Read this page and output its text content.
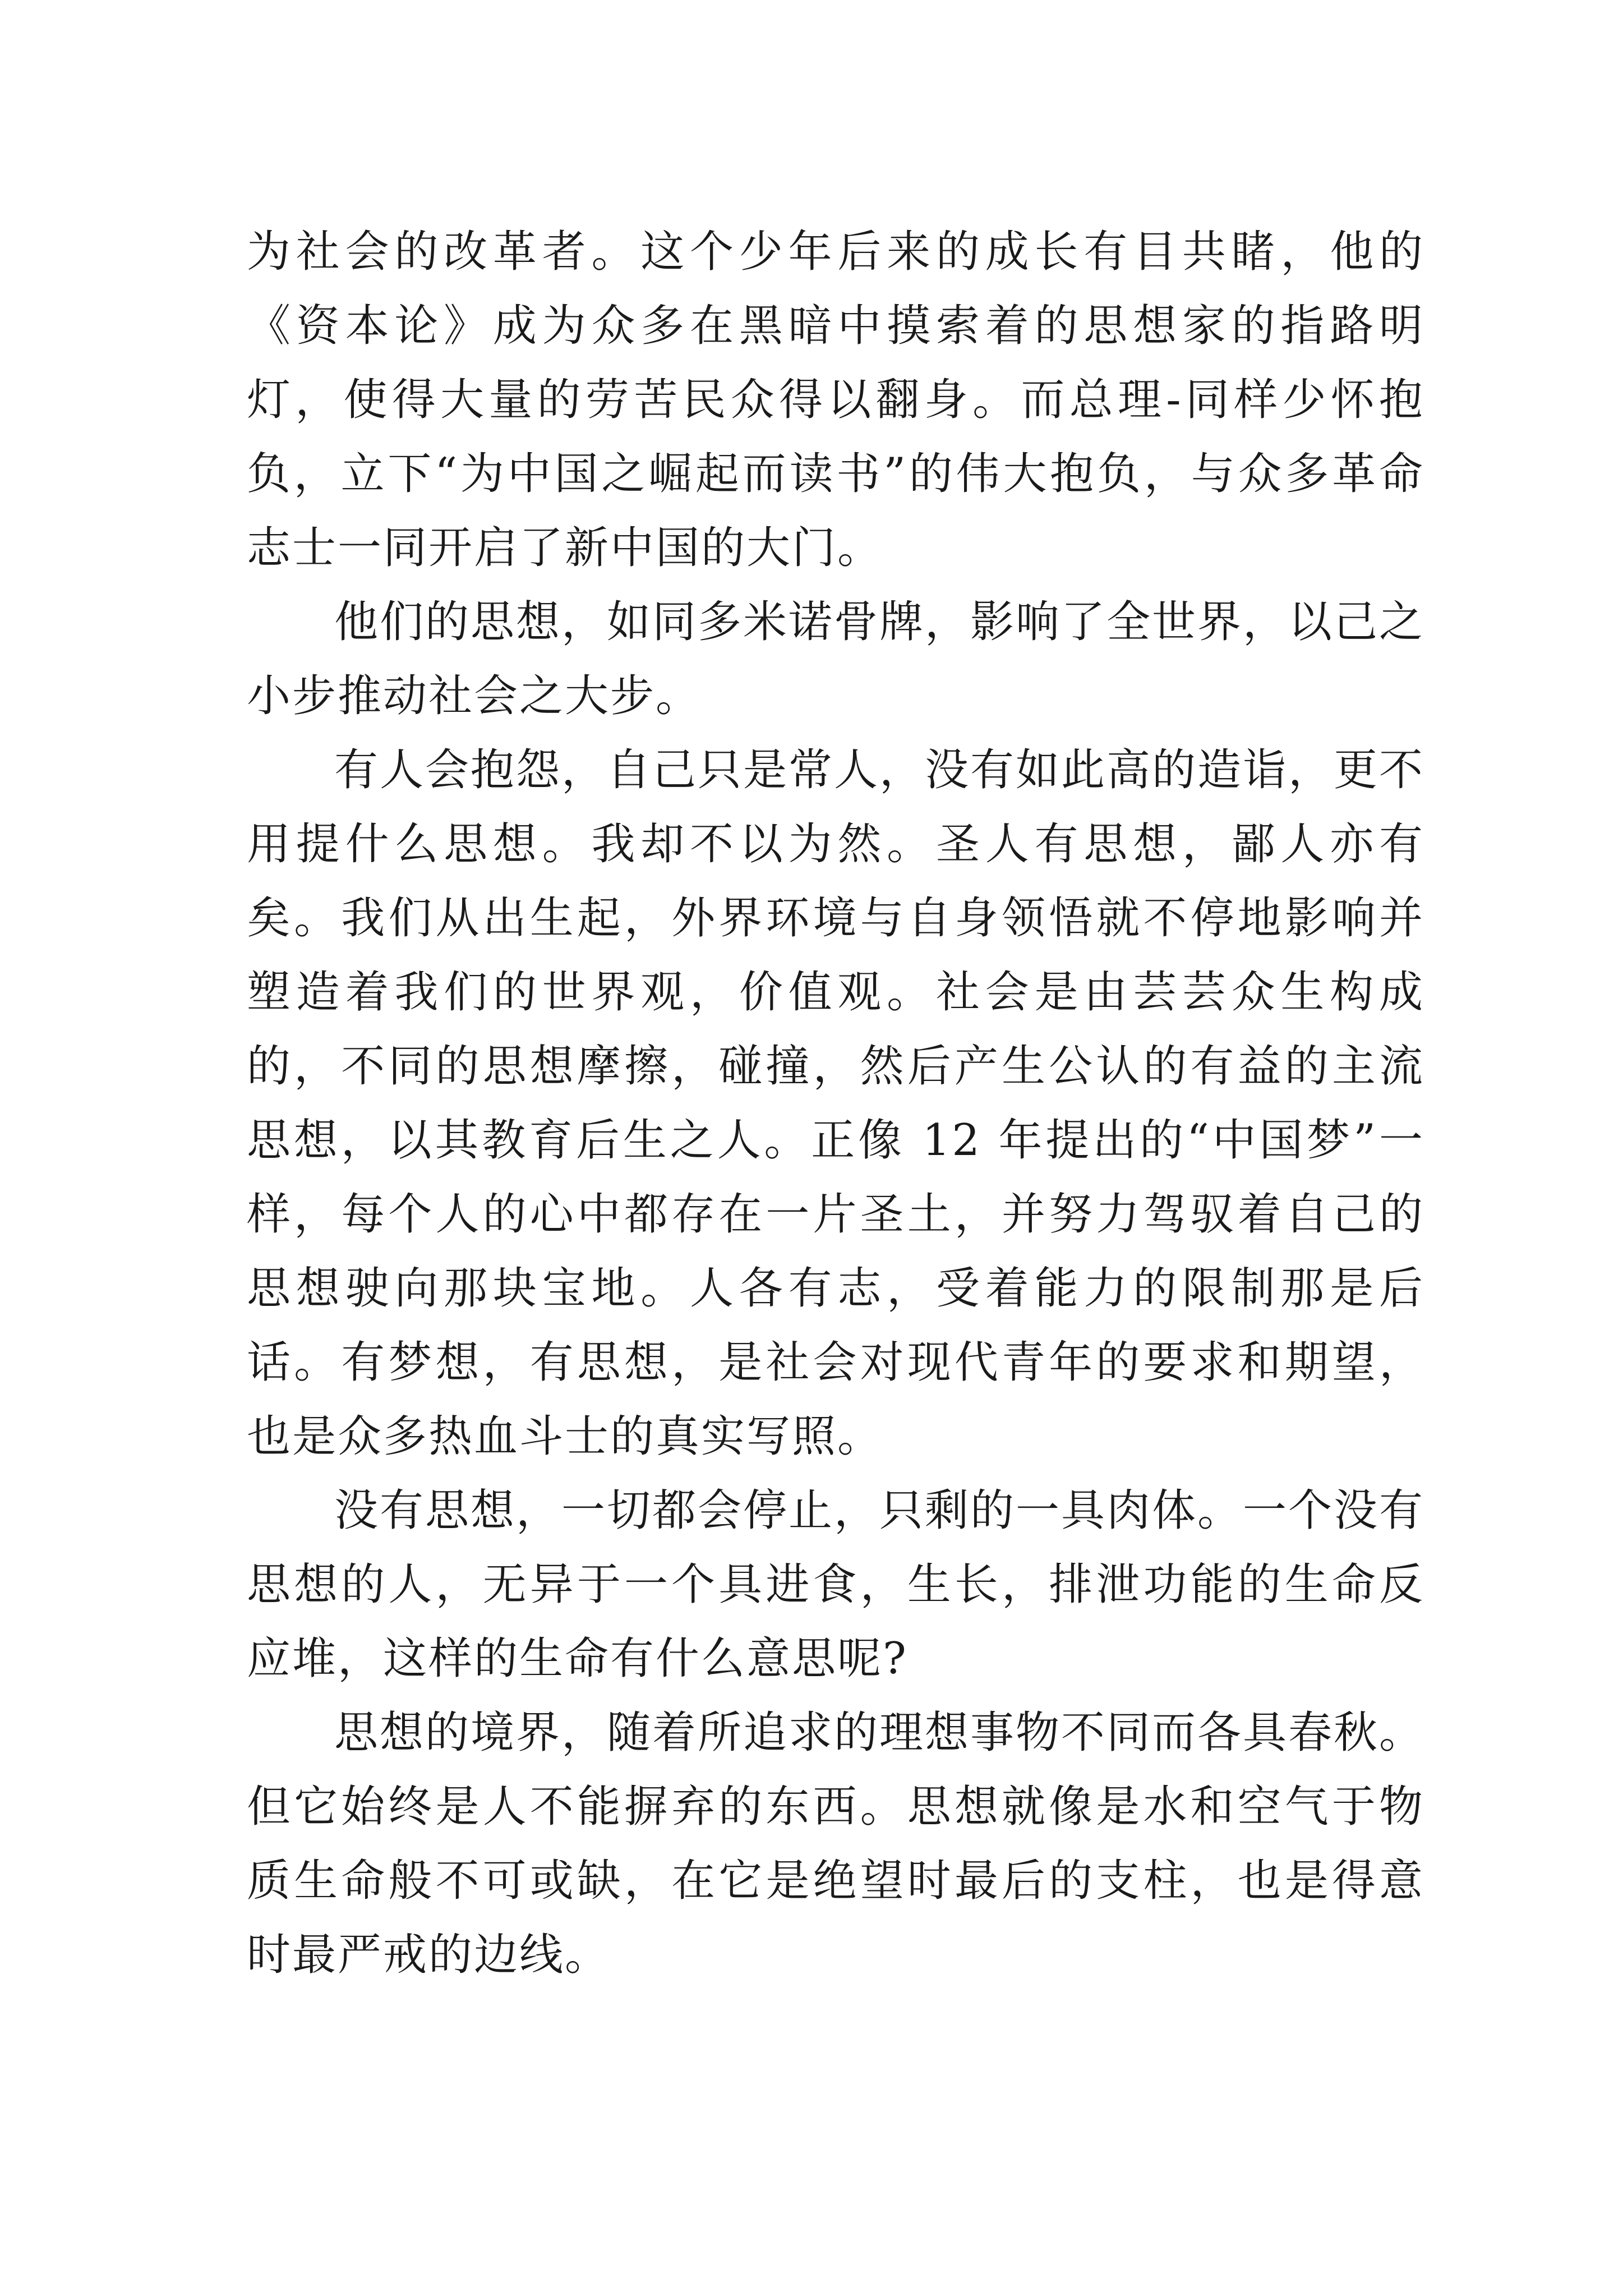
为社会的改革者。这个少年后来的成长有目共睹，他的《资本论》成为众多在黑暗中摸索着的思想家的指路明灯，使得大量的劳苦民众得以翻身。而总理-同样少怀抱负，立下“为中国之崛起而读书”的伟大抱负，与众多革命志士一同开启了新中国的大门。

他们的思想，如同多米诺骨牌，影响了全世界，以己之小步推动社会之大步。

有人会抱怨，自己只是常人，没有如此高的造诣，更不用提什么思想。我却不以为然。圣人有思想，鄙人亦有矣。我们从出生起，外界环境与自身领悟就不停地影响并塑造着我们的世界观，价值观。社会是由芸芸众生构成的，不同的思想摩擦，碰撞，然后产生公认的有益的主流思想，以其教育后生之人。正像 12 年提出的“中国梦”一样，每个人的心中都存在一片圣土，并努力驾驭着自己的思想驶向那块宝地。人各有志，受着能力的限制那是后话。有梦想，有思想，是社会对现代青年的要求和期望，也是众多热血斗士的真实写照。

没有思想，一切都会停止，只剩的一具肉体。一个没有思想的人，无异于一个具进食，生长，排泄功能的生命反应堆，这样的生命有什么意思呢?

思想的境界，随着所追求的理想事物不同而各具春秋。但它始终是人不能摒弃的东西。思想就像是水和空气于物质生命般不可或缺，在它是绝望时最后的支柱，也是得意时最严戒的边线。
